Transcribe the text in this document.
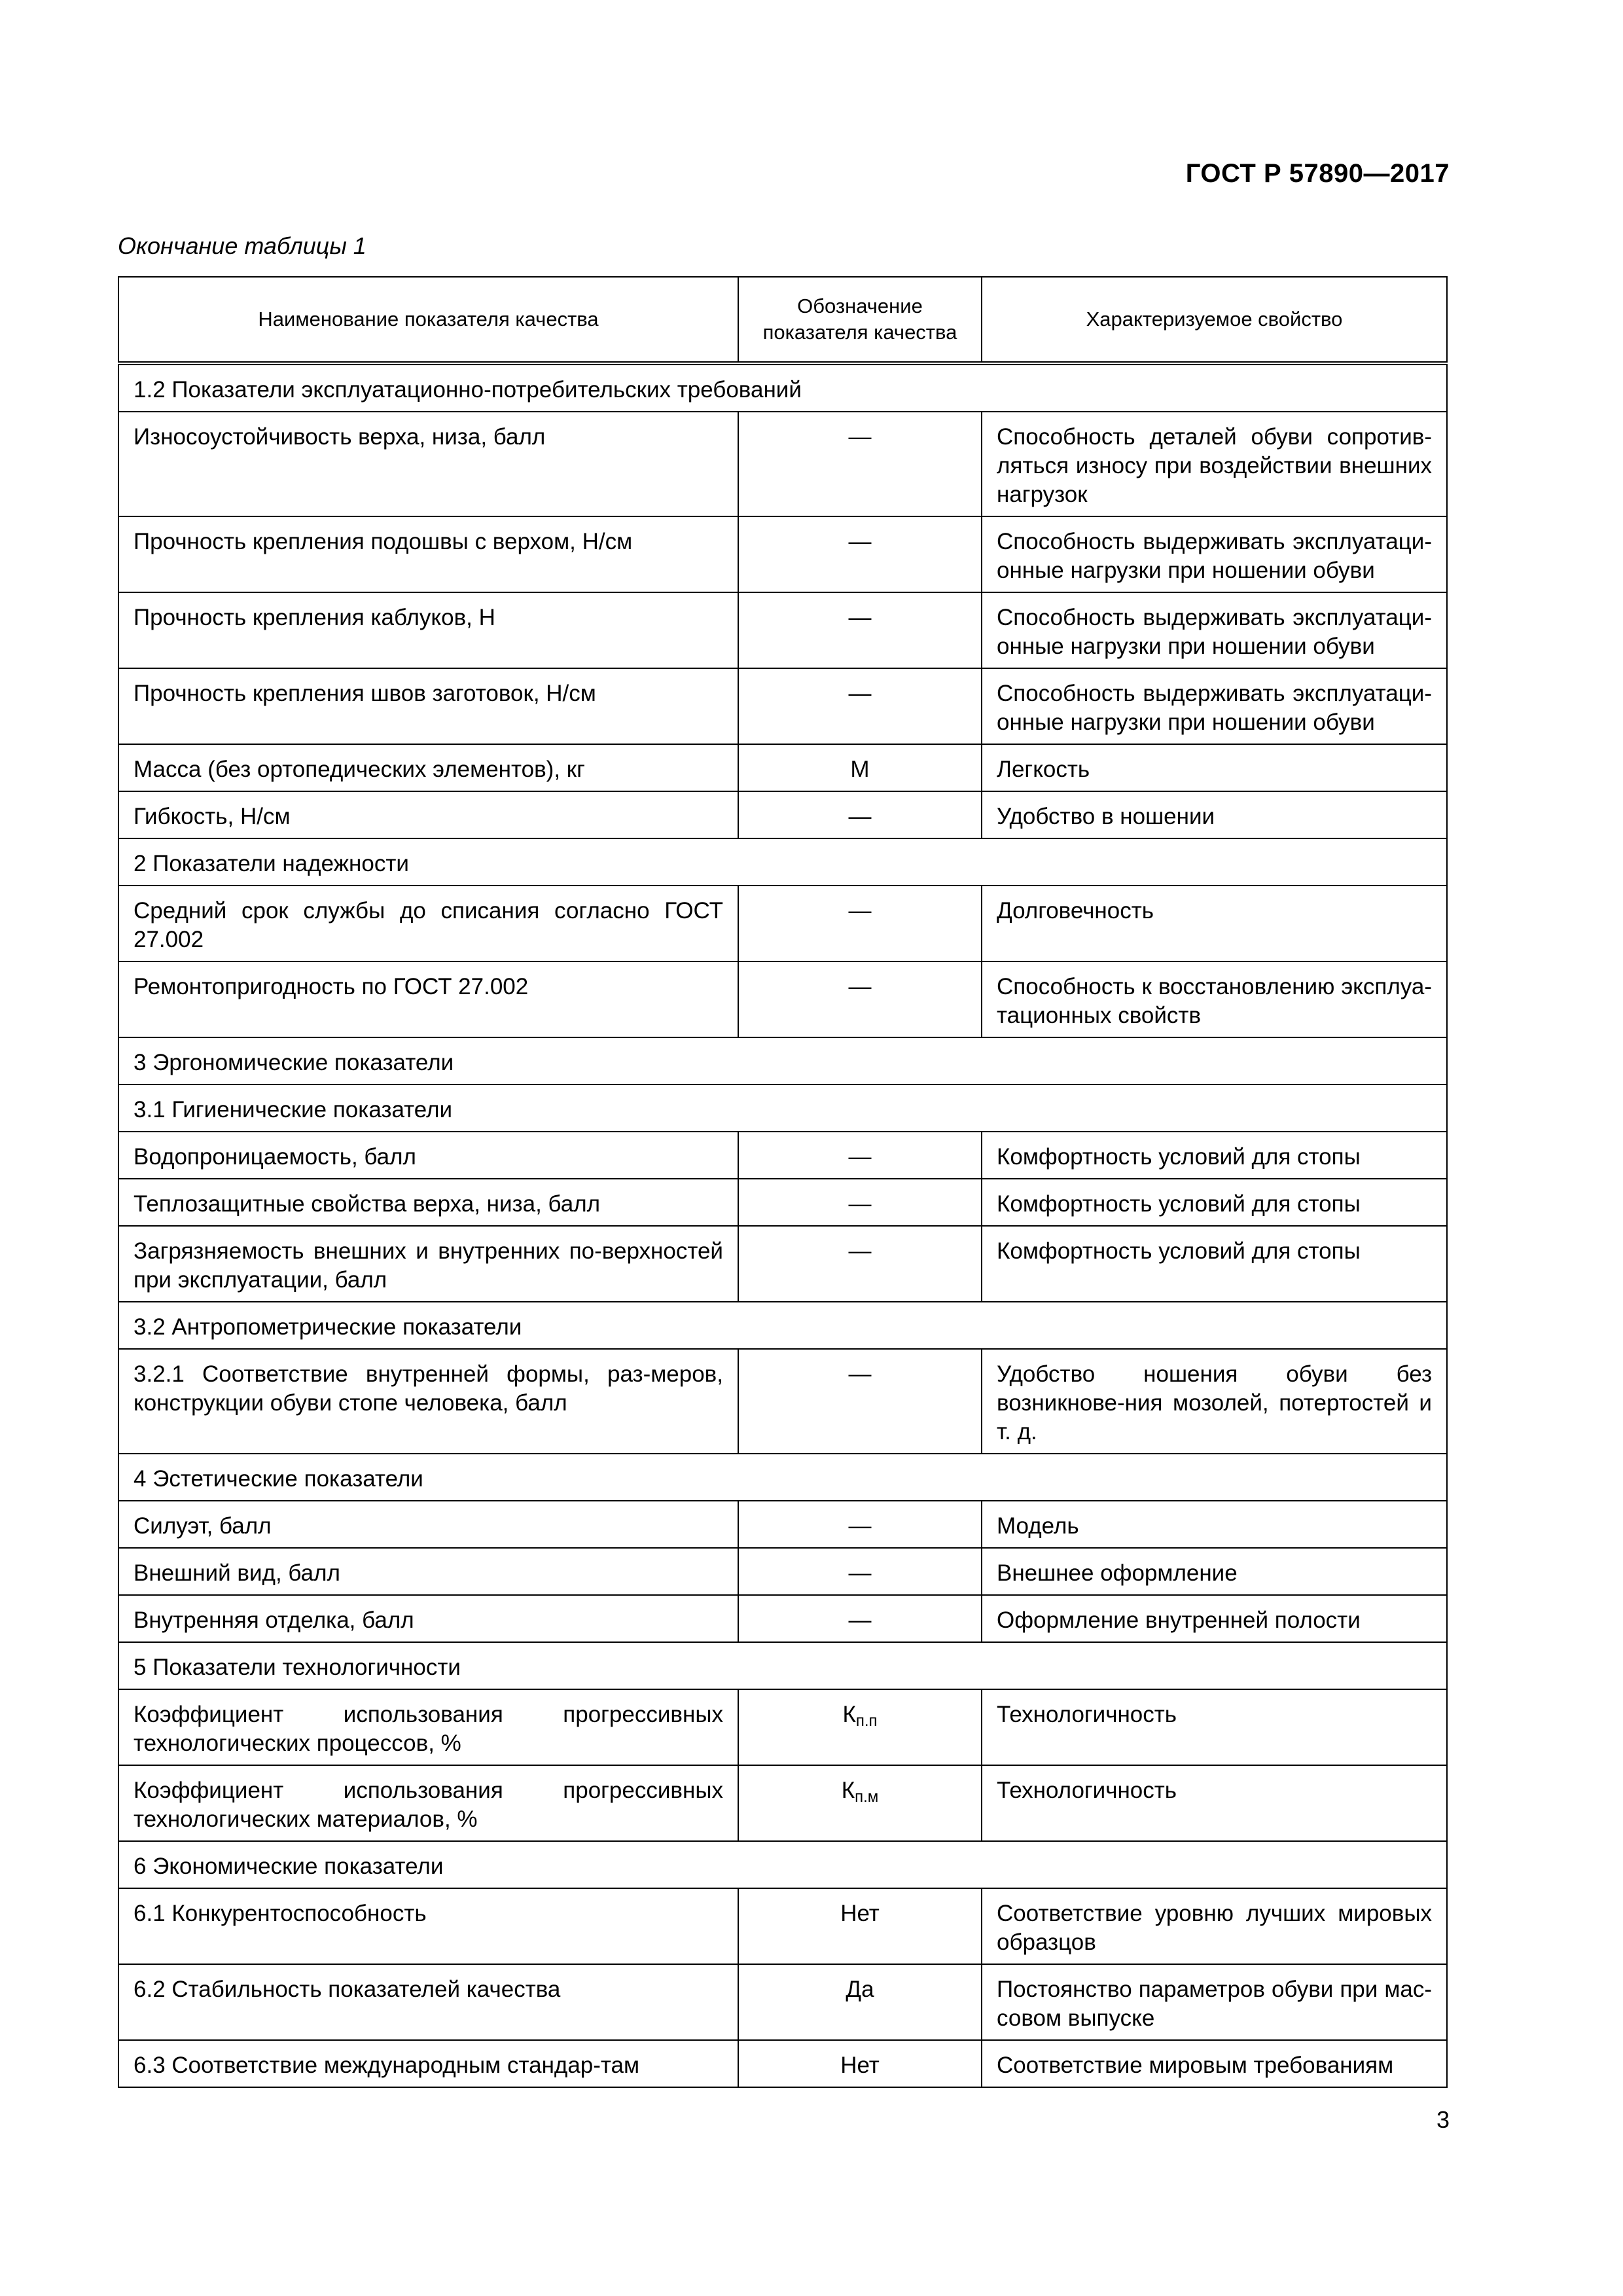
ГОСТ Р 57890—2017
Окончание таблицы 1
Наименование показателя качества	Обозначение показателя качества	Характеризуемое свойство
1.2 Показатели эксплуатационно-потребительских требований		
Износоустойчивость верха, низа, балл	—	Способность деталей обуви сопротив-ляться износу при воздействии внешних нагрузок
Прочность крепления подошвы с верхом, Н/см	—	Способность выдерживать эксплуатаци-онные нагрузки при ношении обуви
Прочность крепления каблуков, Н	—	Способность выдерживать эксплуатаци-онные нагрузки при ношении обуви
Прочность крепления швов заготовок, Н/см	—	Способность выдерживать эксплуатаци-онные нагрузки при ношении обуви
Масса (без ортопедических элементов), кг	М	Легкость
Гибкость, Н/см	—	Удобство в ношении
2 Показатели надежности		
Средний срок службы до списания согласно ГОСТ 27.002	—	Долговечность
Ремонтопригодность по ГОСТ 27.002	—	Способность к восстановлению эксплуа-тационных свойств
3 Эргономические показатели		
3.1 Гигиенические показатели		
Водопроницаемость, балл	—	Комфортность условий для стопы
Теплозащитные свойства верха, низа, балл	—	Комфортность условий для стопы
Загрязняемость внешних и внутренних по-верхностей при эксплуатации, балл	—	Комфортность условий для стопы
3.2 Антропометрические показатели		
3.2.1 Соответствие внутренней формы, раз-меров, конструкции обуви стопе человека, балл	—	Удобство ношения обуви без возникнове-ния мозолей, потертостей и т. д.
4 Эстетические показатели		
Силуэт, балл	—	Модель
Внешний вид, балл	—	Внешнее оформление
Внутренняя отделка, балл	—	Оформление внутренней полости
5 Показатели технологичности		
Коэффициент использования прогрессивных технологических процессов, %	$К_{п.п}$	Технологичность
Коэффициент использования прогрессивных технологических материалов, %	$К_{п.м}$	Технологичность
6 Экономические показатели		
6.1 Конкурентоспособность	Нет	Соответствие уровню лучших мировых образцов
6.2 Стабильность показателей качества	Да	Постоянство параметров обуви при мас-совом выпуске
6.3 Соответствие международным стандар-там	Нет	Соответствие мировым требованиям
3
